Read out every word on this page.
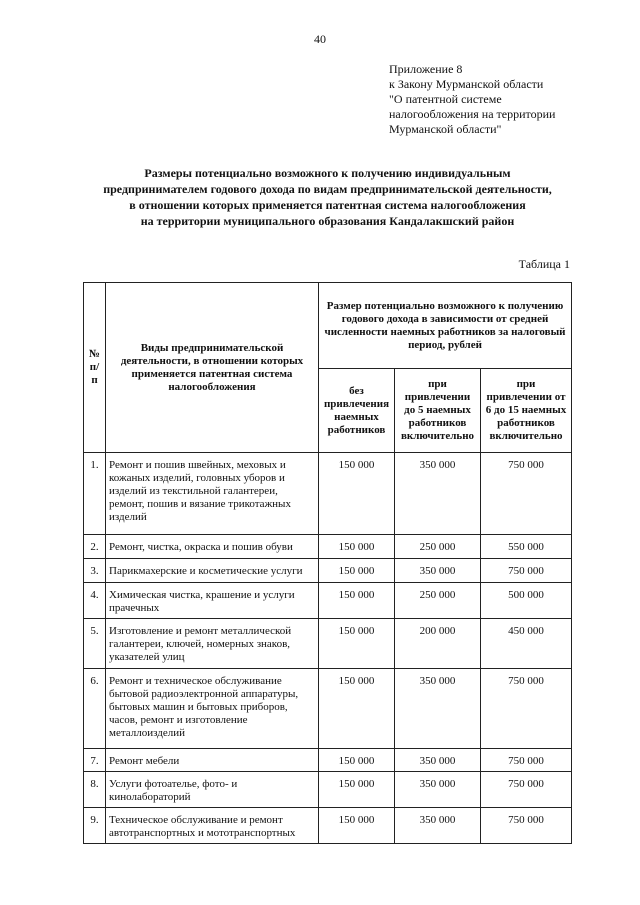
40
Приложение 8
к Закону Мурманской области
"О патентной системе
налогообложения на территории
Мурманской области"
Размеры потенциально возможного к получению индивидуальным
предпринимателем годового дохода по видам предпринимательской деятельности,
в отношении которых применяется патентная система налогообложения
на территории муниципального образования Кандалакшский район
Таблица 1
№ п/п	Виды предпринимательской деятельности, в отношении которых применяется патентная система налогообложения	Размер потенциально возможного к получению годового дохода в зависимости от средней численности наемных работников за налоговый период, рублей		
		без привлечения наемных работников	при привлечении до 5 наемных работников включительно	при привлечении от 6 до 15 наемных работников включительно
1.	Ремонт и пошив швейных, меховых и кожаных изделий, головных уборов и изделий из текстильной галантереи, ремонт, пошив и вязание трикотажных изделий	150 000	350 000	750 000
2.	Ремонт, чистка, окраска и пошив обуви	150 000	250 000	550 000
3.	Парикмахерские и косметические услуги	150 000	350 000	750 000
4.	Химическая чистка, крашение и услуги прачечных	150 000	250 000	500 000
5.	Изготовление и ремонт металлической галантереи, ключей, номерных знаков, указателей улиц	150 000	200 000	450 000
6.	Ремонт и техническое обслуживание бытовой радиоэлектронной аппаратуры, бытовых машин и бытовых приборов, часов, ремонт и изготовление металлоизделий	150 000	350 000	750 000
7.	Ремонт мебели	150 000	350 000	750 000
8.	Услуги фотоателье, фото- и кинолабораторий	150 000	350 000	750 000
9.	Техническое обслуживание и ремонт автотранспортных и мототранспортных	150 000	350 000	750 000
